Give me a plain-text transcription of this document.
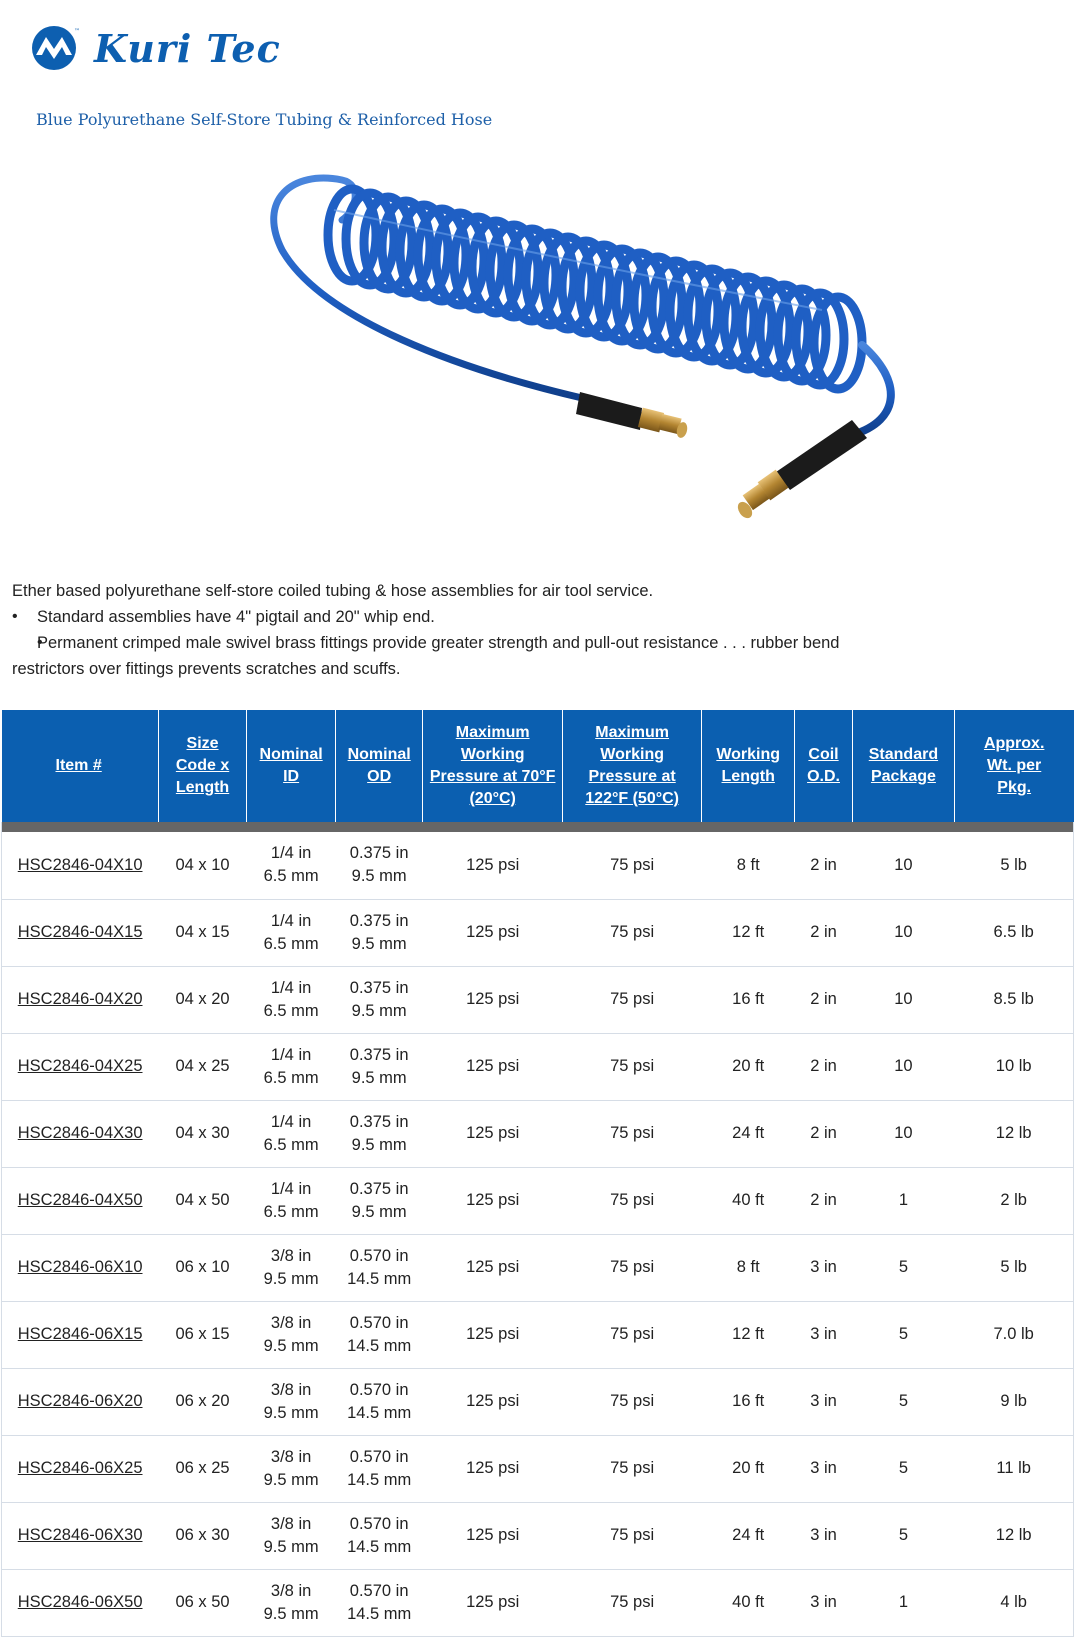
™ Kuri Tec
Blue Polyurethane Self-Store Tubing & Reinforced Hose

Ether based polyurethane self-store coiled tubing & hose assemblies for air tool service.

• Standard assemblies have 4" pigtail and 20" whip end.
• Permanent crimped male swivel brass fittings provide greater strength and pull-out resistance . . . rubber bend restrictors over fittings prevents scratches and scuffs.
Item #	Size
Code x
Length	Nominal
ID	Nominal
OD	Maximum
Working
Pressure at 70°F
(20°C)	Maximum
Working
Pressure at
122°F (50°C)	Working
Length	Coil
O.D.	Standard
Package	Approx.
Wt. per
Pkg.

HSC2846-04X10	04 x 10	1/4 in
6.5 mm	0.375 in
9.5 mm	125 psi	75 psi	8 ft	2 in	10	5 lb
HSC2846-04X15	04 x 15	1/4 in
6.5 mm	0.375 in
9.5 mm	125 psi	75 psi	12 ft	2 in	10	6.5 lb
HSC2846-04X20	04 x 20	1/4 in
6.5 mm	0.375 in
9.5 mm	125 psi	75 psi	16 ft	2 in	10	8.5 lb
HSC2846-04X25	04 x 25	1/4 in
6.5 mm	0.375 in
9.5 mm	125 psi	75 psi	20 ft	2 in	10	10 lb
HSC2846-04X30	04 x 30	1/4 in
6.5 mm	0.375 in
9.5 mm	125 psi	75 psi	24 ft	2 in	10	12 lb
HSC2846-04X50	04 x 50	1/4 in
6.5 mm	0.375 in
9.5 mm	125 psi	75 psi	40 ft	2 in	1	2 lb
HSC2846-06X10	06 x 10	3/8 in
9.5 mm	0.570 in
14.5 mm	125 psi	75 psi	8 ft	3 in	5	5 lb
HSC2846-06X15	06 x 15	3/8 in
9.5 mm	0.570 in
14.5 mm	125 psi	75 psi	12 ft	3 in	5	7.0 lb
HSC2846-06X20	06 x 20	3/8 in
9.5 mm	0.570 in
14.5 mm	125 psi	75 psi	16 ft	3 in	5	9 lb
HSC2846-06X25	06 x 25	3/8 in
9.5 mm	0.570 in
14.5 mm	125 psi	75 psi	20 ft	3 in	5	11 lb
HSC2846-06X30	06 x 30	3/8 in
9.5 mm	0.570 in
14.5 mm	125 psi	75 psi	24 ft	3 in	5	12 lb
HSC2846-06X50	06 x 50	3/8 in
9.5 mm	0.570 in
14.5 mm	125 psi	75 psi	40 ft	3 in	1	4 lb
